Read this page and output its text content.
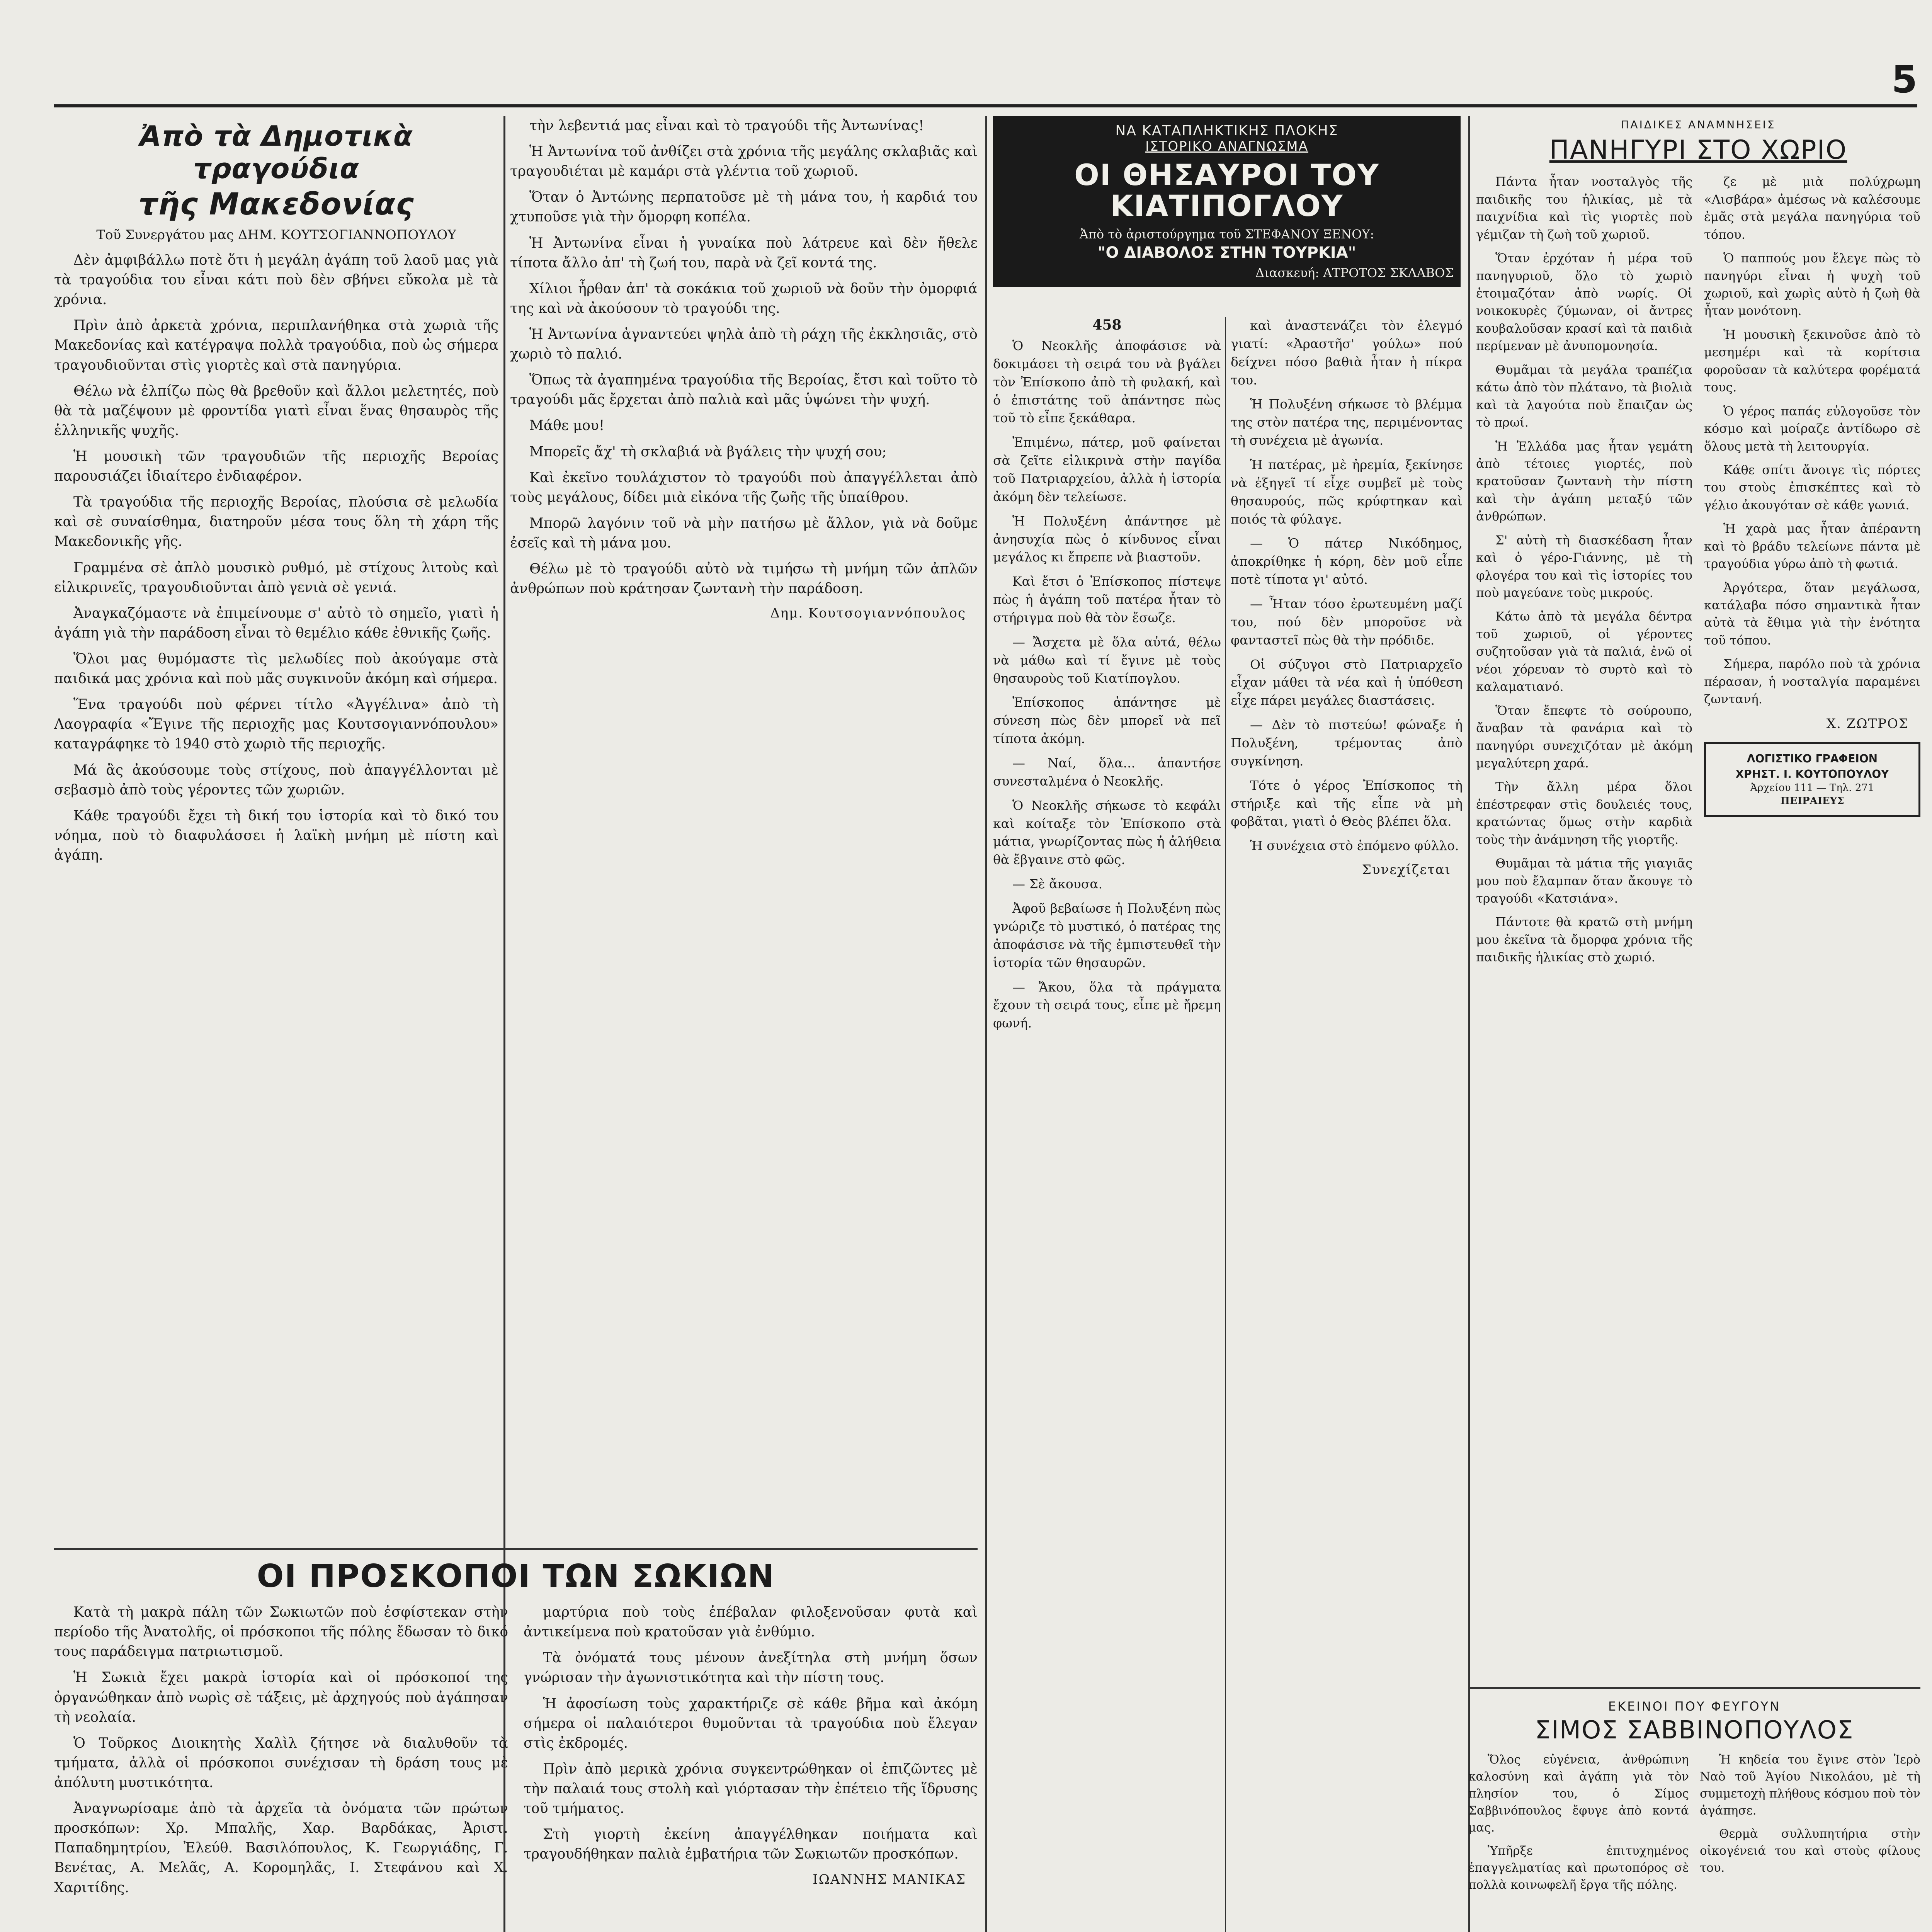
5
Ἀπὸ τὰ Δημοτικὰ τραγούδια
τῆς Μακεδονίας
Τοῦ Συνεργάτου μας ΔΗΜ. ΚΟΥΤΣΟΓΙΑΝΝΟΠΟΥΛΟΥ

Δὲν ἀμφιβάλλω ποτὲ ὅτι ἡ μεγάλη ἀγάπη τοῦ λαοῦ μας γιὰ τὰ τραγούδια του εἶναι κάτι ποὺ δὲν σβήνει εὔκολα μὲ τὰ χρόνια.

Πρὶν ἀπὸ ἀρκετὰ χρόνια, περιπλανήθηκα στὰ χωριὰ τῆς Μακεδονίας καὶ κατέγραψα πολλὰ τραγούδια, ποὺ ὡς σήμερα τραγουδιοῦνται στὶς γιορτὲς καὶ στὰ πανηγύρια.

Θέλω νὰ ἐλπίζω πὼς θὰ βρεθοῦν καὶ ἄλλοι μελετητές, ποὺ θὰ τὰ μαζέψουν μὲ φροντίδα γιατὶ εἶναι ἕνας θησαυρὸς τῆς ἑλληνικῆς ψυχῆς.

Ἡ μουσικὴ τῶν τραγουδιῶν τῆς περιοχῆς Βεροίας παρουσιάζει ἰδιαίτερο ἐνδιαφέρον.

Τὰ τραγούδια τῆς περιοχῆς Βεροίας, πλούσια σὲ μελωδία καὶ σὲ συναίσθημα, διατηροῦν μέσα τους ὅλη τὴ χάρη τῆς Μακεδονικῆς γῆς.

Γραμμένα σὲ ἀπλὸ μουσικὸ ρυθμό, μὲ στίχους λιτοὺς καὶ εἰλικρινεῖς, τραγουδιοῦνται ἀπὸ γενιὰ σὲ γενιά.

Ἀναγκαζόμαστε νὰ ἐπιμείνουμε σ' αὐτὸ τὸ σημεῖο, γιατὶ ἡ ἀγάπη γιὰ τὴν παράδοση εἶναι τὸ θεμέλιο κάθε ἐθνικῆς ζωῆς.

Ὅλοι μας θυμόμαστε τὶς μελωδίες ποὺ ἀκούγαμε στὰ παιδικά μας χρόνια καὶ ποὺ μᾶς συγκινοῦν ἀκόμη καὶ σήμερα.

Ἕνα τραγούδι ποὺ φέρνει τίτλο «Ἀγγέλινα» ἀπὸ τὴ Λαογραφία «Ἔγινε τῆς περιοχῆς μας Κουτσογιαννόπουλου» καταγράφηκε τὸ 1940 στὸ χωριὸ τῆς περιοχῆς.

Μά ἂς ἀκούσουμε τοὺς στίχους, ποὺ ἀπαγγέλλονται μὲ σεβασμὸ ἀπὸ τοὺς γέροντες τῶν χωριῶν.

Κάθε τραγούδι ἔχει τὴ δική του ἱστορία καὶ τὸ δικό του νόημα, ποὺ τὸ διαφυλάσσει ἡ λαϊκὴ μνήμη μὲ πίστη καὶ ἀγάπη.

τὴν λεβεντιά μας εἶναι καὶ τὸ τραγούδι τῆς Ἀντωνίνας!

Ἡ Ἀντωνίνα τοῦ ἀνθίζει στὰ χρόνια τῆς μεγάλης σκλαβιᾶς καὶ τραγουδιέται μὲ καμάρι στὰ γλέντια τοῦ χωριοῦ.

Ὅταν ὁ Ἀντώνης περπατοῦσε μὲ τὴ μάνα του, ἡ καρδιά του χτυποῦσε γιὰ τὴν ὄμορφη κοπέλα.

Ἡ Ἀντωνίνα εἶναι ἡ γυναίκα ποὺ λάτρευε καὶ δὲν ἤθελε τίποτα ἄλλο ἀπ' τὴ ζωή του, παρὰ νὰ ζεῖ κοντά της.

Χίλιοι ἦρθαν ἀπ' τὰ σοκάκια τοῦ χωριοῦ νὰ δοῦν τὴν ὀμορφιά της καὶ νὰ ἀκούσουν τὸ τραγούδι της.

Ἡ Ἀντωνίνα ἀγναντεύει ψηλὰ ἀπὸ τὴ ράχη τῆς ἐκκλησιᾶς, στὸ χωριὸ τὸ παλιό.

Ὅπως τὰ ἀγαπημένα τραγούδια τῆς Βεροίας, ἔτσι καὶ τοῦτο τὸ τραγούδι μᾶς ἔρχεται ἀπὸ παλιὰ καὶ μᾶς ὑψώνει τὴν ψυχή.

Μάθε μου!

Μπορεῖς ἄχ' τὴ σκλαβιά νὰ βγάλεις τὴν ψυχή σου;

Καὶ ἐκεῖνο τουλάχιστον τὸ τραγούδι ποὺ ἀπαγγέλλεται ἀπὸ τοὺς μεγάλους, δίδει μιὰ εἰκόνα τῆς ζωῆς τῆς ὑπαίθρου.

Μπορῶ λαγόνιν τοῦ νὰ μὴν πατήσω μὲ ἄλλον, γιὰ νὰ δοῦμε ἐσεῖς καὶ τὴ μάνα μου.

Θέλω μὲ τὸ τραγούδι αὐτὸ νὰ τιμήσω τὴ μνήμη τῶν ἀπλῶν ἀνθρώπων ποὺ κράτησαν ζωντανὴ τὴν παράδοση.

Δημ. Κουτσογιαννόπουλος
ΟΙ ΠΡΟΣΚΟΠΟΙ ΤΩΝ ΣΩΚΙΩΝ

Κατὰ τὴ μακρὰ πάλη τῶν Σωκιωτῶν ποὺ ἐσφίστεκαν στὴν περίοδο τῆς Ἀνατολῆς, οἱ πρόσκοποι τῆς πόλης ἔδωσαν τὸ δικό τους παράδειγμα πατριωτισμοῦ.

Ἡ Σωκιὰ ἔχει μακρὰ ἱστορία καὶ οἱ πρόσκοποί της ὀργανώθηκαν ἀπὸ νωρὶς σὲ τάξεις, μὲ ἀρχηγούς ποὺ ἀγάπησαν τὴ νεολαία.

Ὁ Τοῦρκος Διοικητὴς Χαλὶλ ζήτησε νὰ διαλυθοῦν τὰ τμήματα, ἀλλὰ οἱ πρόσκοποι συνέχισαν τὴ δράση τους μὲ ἀπόλυτη μυστικότητα.

Ἀναγνωρίσαμε ἀπὸ τὰ ἀρχεῖα τὰ ὀνόματα τῶν πρώτων προσκόπων: Χρ. Μπαλῆς, Χαρ. Βαρδάκας, Ἀριστ. Παπαδημητρίου, Ἐλεύθ. Βασιλόπουλος, Κ. Γεωργιάδης, Γ. Βενέτας, Α. Μελᾶς, Α. Κορομηλᾶς, Ι. Στεφάνου καὶ Χ. Χαριτίδης.

μαρτύρια ποὺ τοὺς ἐπέβαλαν φιλοξενοῦσαν φυτὰ καὶ ἀντικείμενα ποὺ κρατοῦσαν γιὰ ἐνθύμιο.

Τὰ ὀνόματά τους μένουν ἀνεξίτηλα στὴ μνήμη ὅσων γνώρισαν τὴν ἀγωνιστικότητα καὶ τὴν πίστη τους.

Ἡ ἀφοσίωση τοὺς χαρακτήριζε σὲ κάθε βῆμα καὶ ἀκόμη σήμερα οἱ παλαιότεροι θυμοῦνται τὰ τραγούδια ποὺ ἔλεγαν στὶς ἐκδρομές.

Πρὶν ἀπὸ μερικὰ χρόνια συγκεντρώθηκαν οἱ ἐπιζῶντες μὲ τὴν παλαιά τους στολὴ καὶ γιόρτασαν τὴν ἐπέτειο τῆς ἵδρυσης τοῦ τμήματος.

Στὴ γιορτὴ ἐκείνη ἀπαγγέλθηκαν ποιήματα καὶ τραγουδήθηκαν παλιὰ ἐμβατήρια τῶν Σωκιωτῶν προσκόπων.

ΙΩΑΝΝΗΣ ΜΑΝΙΚΑΣ

ΝΑ ΚΑΤΑΠΛΗΚΤΙΚΗΣ ΠΛΟΚΗΣ
ΙΣΤΟΡΙΚΟ ΑΝΑΓΝΩΣΜΑ
ΟΙ ΘΗΣΑΥΡΟΙ ΤΟΥ ΚΙΑΤΙΠΟΓΛΟΥ
Ἀπὸ τὸ ἀριστούργημα τοῦ ΣΤΕΦΑΝΟΥ ΞΕΝΟΥ:
"Ο ΔΙΑΒΟΛΟΣ ΣΤΗΝ ΤΟΥΡΚΙΑ"
Διασκευή: ΑΤΡΟΤΟΣ ΣΚΛΑΒΟΣ
458

Ὁ Νεοκλῆς ἀποφάσισε νὰ δοκιμάσει τὴ σειρά του νὰ βγάλει τὸν Ἐπίσκοπο ἀπὸ τὴ φυλακή, καὶ ὁ ἐπιστάτης τοῦ ἀπάντησε πὼς τοῦ τὸ εἶπε ξεκάθαρα.

Ἐπιμένω, πάτερ, μοῦ φαίνεται σὰ ζεῖτε εἰλικρινὰ στὴν παγίδα τοῦ Πατριαρχείου, ἀλλὰ ἡ ἱστορία ἀκόμη δὲν τελείωσε.

Ἡ Πολυξένη ἀπάντησε μὲ ἀνησυχία πὼς ὁ κίνδυνος εἶναι μεγάλος κι ἔπρεπε νὰ βιαστοῦν.

Καὶ ἔτσι ὁ Ἐπίσκοπος πίστεψε πὼς ἡ ἀγάπη τοῦ πατέρα ἦταν τὸ στήριγμα ποὺ θὰ τὸν ἔσωζε.

— Ἄσχετα μὲ ὅλα αὐτά, θέλω νὰ μάθω καὶ τί ἔγινε μὲ τοὺς θησαυροὺς τοῦ Κιατίπογλου.

Ἐπίσκοπος ἀπάντησε μὲ σύνεση πὼς δὲν μπορεῖ νὰ πεῖ τίποτα ἀκόμη.

— Ναί, ὅλα... ἀπαντήσε συνεσταλμένα ὁ Νεοκλῆς.

Ὁ Νεοκλῆς σήκωσε τὸ κεφάλι καὶ κοίταξε τὸν Ἐπίσκοπο στὰ μάτια, γνωρίζοντας πὼς ἡ ἀλήθεια θὰ ἔβγαινε στὸ φῶς.

— Σὲ ἄκουσα.

Ἀφοῦ βεβαίωσε ἡ Πολυξένη πὼς γνώριζε τὸ μυστικό, ὁ πατέρας της ἀποφάσισε νὰ τῆς ἐμπιστευθεῖ τὴν ἱστορία τῶν θησαυρῶν.

— Ἄκου, ὅλα τὰ πράγματα ἔχουν τὴ σειρά τους, εἶπε μὲ ἤρεμη φωνή.

καὶ ἀναστενάζει τὸν ἐλεγμό γιατί: «Ἀραστῆσ' γούλω» πού δείχνει πόσο βαθιὰ ἦταν ἡ πίκρα του.

Ἡ Πολυξένη σήκωσε τὸ βλέμμα της στὸν πατέρα της, περιμένοντας τὴ συνέχεια μὲ ἀγωνία.

Ἡ πατέρας, μὲ ἠρεμία, ξεκίνησε νὰ ἐξηγεῖ τί εἶχε συμβεῖ μὲ τοὺς θησαυρούς, πῶς κρύφτηκαν καὶ ποιός τὰ φύλαγε.

— Ὁ πάτερ Νικόδημος, ἀποκρίθηκε ἡ κόρη, δὲν μοῦ εἶπε ποτὲ τίποτα γι' αὐτό.

— Ἦταν τόσο ἐρωτευμένη μαζί του, πού δὲν μποροῦσε νὰ φανταστεῖ πὼς θὰ τὴν πρόδιδε.

Οἱ σύζυγοι στὸ Πατριαρχεῖο εἶχαν μάθει τὰ νέα καὶ ἡ ὑπόθεση εἶχε πάρει μεγάλες διαστάσεις.

— Δὲν τὸ πιστεύω! φώναξε ἡ Πολυξένη, τρέμοντας ἀπὸ συγκίνηση.

Τότε ὁ γέρος Ἐπίσκοπος τὴ στήριξε καὶ τῆς εἶπε νὰ μὴ φοβᾶται, γιατὶ ὁ Θεὸς βλέπει ὅλα.

Ἡ συνέχεια στὸ ἑπόμενο φύλλο.

Συνεχίζεται
ΠΑΙΔΙΚΕΣ ΑΝΑΜΝΗΣΕΙΣ
ΠΑΝΗΓΥΡΙ ΣΤΟ ΧΩΡΙΟ

Πάντα ἦταν νοσταλγὸς τῆς παιδικῆς του ἡλικίας, μὲ τὰ παιχνίδια καὶ τὶς γιορτὲς ποὺ γέμιζαν τὴ ζωὴ τοῦ χωριοῦ.

Ὅταν ἐρχόταν ἡ μέρα τοῦ πανηγυριοῦ, ὅλο τὸ χωριὸ ἑτοιμαζόταν ἀπὸ νωρίς. Οἱ νοικοκυρὲς ζύμωναν, οἱ ἄντρες κουβαλοῦσαν κρασί καὶ τὰ παιδιὰ περίμεναν μὲ ἀνυπομονησία.

Θυμᾶμαι τὰ μεγάλα τραπέζια κάτω ἀπὸ τὸν πλάτανο, τὰ βιολιὰ καὶ τὰ λαγούτα ποὺ ἔπαιζαν ὡς τὸ πρωί.

Ἡ Ἑλλάδα μας ἦταν γεμάτη ἀπὸ τέτοιες γιορτές, ποὺ κρατοῦσαν ζωντανὴ τὴν πίστη καὶ τὴν ἀγάπη μεταξύ τῶν ἀνθρώπων.

Σ' αὐτὴ τὴ διασκέδαση ἦταν καὶ ὁ γέρο-Γιάννης, μὲ τὴ φλογέρα του καὶ τὶς ἱστορίες του ποὺ μαγεύανε τοὺς μικρούς.

Κάτω ἀπὸ τὰ μεγάλα δέντρα τοῦ χωριοῦ, οἱ γέροντες συζητοῦσαν γιὰ τὰ παλιά, ἐνῶ οἱ νέοι χόρευαν τὸ συρτὸ καὶ τὸ καλαματιανό.

Ὅταν ἔπεφτε τὸ σούρουπο, ἄναβαν τὰ φανάρια καὶ τὸ πανηγύρι συνεχιζόταν μὲ ἀκόμη μεγαλύτερη χαρά.

Τὴν ἄλλη μέρα ὅλοι ἐπέστρεφαν στὶς δουλειές τους, κρατώντας ὅμως στὴν καρδιὰ τοὺς τὴν ἀνάμνηση τῆς γιορτῆς.

Θυμᾶμαι τὰ μάτια τῆς γιαγιᾶς μου ποὺ ἔλαμπαν ὅταν ἄκουγε τὸ τραγούδι «Κατσιάνα».

Πάντοτε θὰ κρατῶ στὴ μνήμη μου ἐκεῖνα τὰ ὄμορφα χρόνια τῆς παιδικῆς ἡλικίας στὸ χωριό.

ζε μὲ μιὰ πολύχρωμη «Λισβάρα» ἀμέσως νὰ καλέσουμε ἐμᾶς στὰ μεγάλα πανηγύρια τοῦ τόπου.

Ὁ παππούς μου ἔλεγε πὼς τὸ πανηγύρι εἶναι ἡ ψυχὴ τοῦ χωριοῦ, καὶ χωρὶς αὐτὸ ἡ ζωὴ θὰ ἦταν μονότονη.

Ἡ μουσικὴ ξεκινοῦσε ἀπὸ τὸ μεσημέρι καὶ τὰ κορίτσια φοροῦσαν τὰ καλύτερα φορέματά τους.

Ὁ γέρος παπάς εὐλογοῦσε τὸν κόσμο καὶ μοίραζε ἀντίδωρο σὲ ὅλους μετὰ τὴ λειτουργία.

Κάθε σπίτι ἄνοιγε τὶς πόρτες του στοὺς ἐπισκέπτες καὶ τὸ γέλιο ἀκουγόταν σὲ κάθε γωνιά.

Ἡ χαρὰ μας ἦταν ἀπέραντη καὶ τὸ βράδυ τελείωνε πάντα μὲ τραγούδια γύρω ἀπὸ τὴ φωτιά.

Ἀργότερα, ὅταν μεγάλωσα, κατάλαβα πόσο σημαντικὰ ἦταν αὐτὰ τὰ ἔθιμα γιὰ τὴν ἑνότητα τοῦ τόπου.

Σήμερα, παρόλο ποὺ τὰ χρόνια πέρασαν, ἡ νοσταλγία παραμένει ζωντανή.

Χ. ΖΩΤΡΟΣ
ΛΟΓΙΣΤΙΚΟ ΓΡΑΦΕΙΟΝ
ΧΡΗΣΤ. Ι. ΚΟΥΤΟΠΟΥΛΟΥ
Ἀρχείου 111 — Τηλ. 271
ΠΕΙΡΑΙΕΥΣ
ΕΚΕΙΝΟΙ ΠΟΥ ΦΕΥΓΟΥΝ
ΣΙΜΟΣ ΣΑΒΒΙΝΟΠΟΥΛΟΣ

Ὅλος εὐγένεια, ἀνθρώπινη καλοσύνη καὶ ἀγάπη γιὰ τὸν πλησίον του, ὁ Σίμος Σαββινόπουλος ἔφυγε ἀπὸ κοντά μας.

Ὑπῆρξε ἐπιτυχημένος ἐπαγγελματίας καὶ πρωτοπόρος σὲ πολλὰ κοινωφελῆ ἔργα τῆς πόλης.

Ἡ κηδεία του ἔγινε στὸν Ἱερὸ Ναὸ τοῦ Ἁγίου Νικολάου, μὲ τὴ συμμετοχὴ πλήθους κόσμου ποὺ τὸν ἀγάπησε.

Θερμὰ συλλυπητήρια στὴν οἰκογένειά του καὶ στοὺς φίλους του.
